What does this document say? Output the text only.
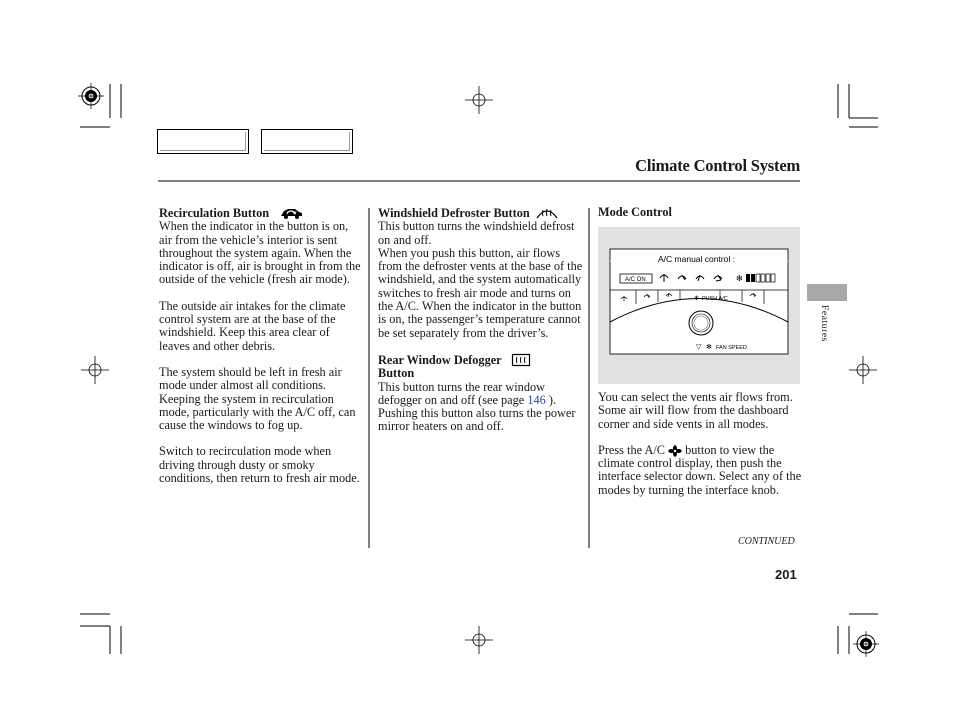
Climate Control System
Features
Recirculation Button

When the indicator in the button is on, air from the vehicle’s interior is sent throughout the system again. When the indicator is off, air is brought in from the outside of the vehicle (fresh air mode).

The outside air intakes for the climate control system are at the base of the windshield. Keep this area clear of leaves and other debris.

The system should be left in fresh air mode under almost all conditions. Keeping the system in recirculation mode, particularly with the A/C off, can cause the windows to fog up.

Switch to recirculation mode when driving through dusty or smoky conditions, then return to fresh air mode.

Windshield Defroster Button
This button turns the windshield defrost on and off.

When you push this button, air flows from the defroster vents at the base of the windshield, and the system automatically switches to fresh air mode and turns on the A/C. When the indicator in the button is on, the passenger’s temperature cannot be set separately from the driver’s.

Rear Window Defogger
Button

This button turns the rear window defogger on and off (see page 146 ). Pushing this button also turns the power mirror heaters on and off.

Mode Control
A/C manual control :
A/C ON	✻
PUSH A/C
✻
▽ ✻ FAN SPEED

You can select the vents air flows from. Some air will flow from the dashboard corner and side vents in all modes.

Press the A/C  button to view the climate control display, then push the interface selector down. Select any of the modes by turning the interface knob.

CONTINUED
201
